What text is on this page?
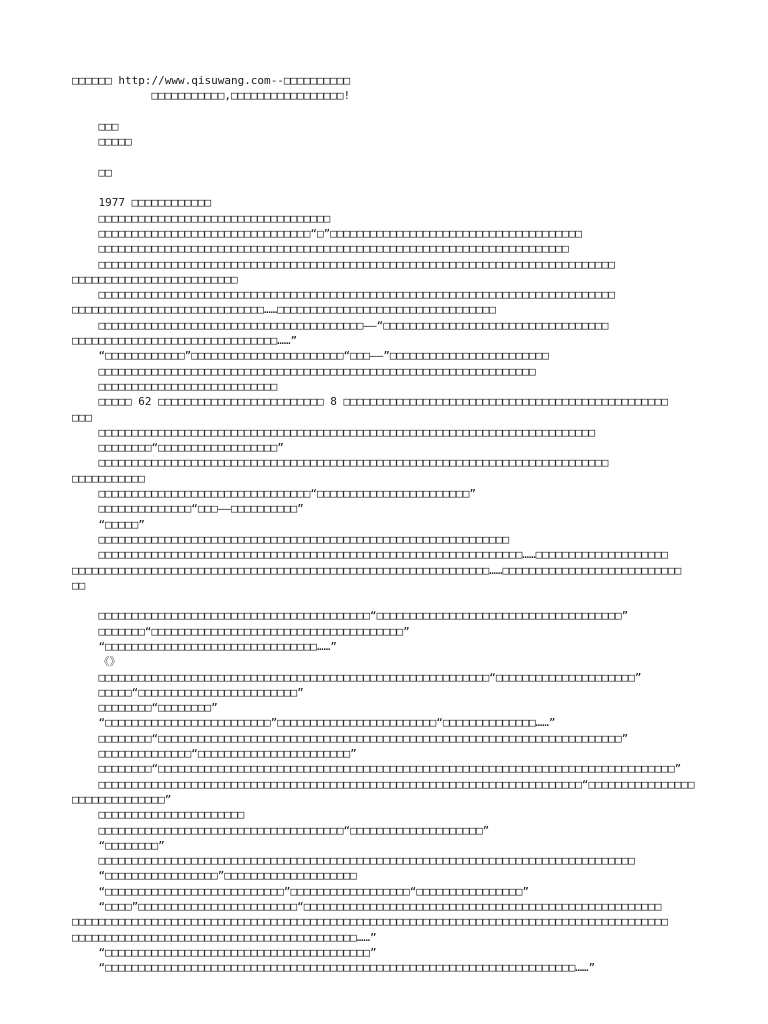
□□□□□□ http://www.qisuwang.com--□□□□□□□□□□
□□□□□□□□□□□,□□□□□□□□□□□□□□□□□!
□□□
□□□□□
□□
1977 □□□□□□□□□□□□
□□□□□□□□□□□□□□□□□□□□□□□□□□□□□□□□□□□
□□□□□□□□□□□□□□□□□□□□□□□□□□□□□□□□“□”□□□□□□□□□□□□□□□□□□□□□□□□□□□□□□□□□□□□□□
□□□□□□□□□□□□□□□□□□□□□□□□□□□□□□□□□□□□□□□□□□□□□□□□□□□□□□□□□□□□□□□□□□□□□□□
□□□□□□□□□□□□□□□□□□□□□□□□□□□□□□□□□□□□□□□□□□□□□□□□□□□□□□□□□□□□□□□□□□□□□□□□□□□□□□
□□□□□□□□□□□□□□□□□□□□□□□□□
□□□□□□□□□□□□□□□□□□□□□□□□□□□□□□□□□□□□□□□□□□□□□□□□□□□□□□□□□□□□□□□□□□□□□□□□□□□□□□
□□□□□□□□□□□□□□□□□□□□□□□□□□□□□……□□□□□□□□□□□□□□□□□□□□□□□□□□□□□□□□□
□□□□□□□□□□□□□□□□□□□□□□□□□□□□□□□□□□□□□□□□——“□□□□□□□□□□□□□□□□□□□□□□□□□□□□□□□□□□
□□□□□□□□□□□□□□□□□□□□□□□□□□□□□□□……”
“□□□□□□□□□□□□”□□□□□□□□□□□□□□□□□□□□□□□“□□□——”□□□□□□□□□□□□□□□□□□□□□□□□
□□□□□□□□□□□□□□□□□□□□□□□□□□□□□□□□□□□□□□□□□□□□□□□□□□□□□□□□□□□□□□□□□□
□□□□□□□□□□□□□□□□□□□□□□□□□□□
□□□□□ 62 □□□□□□□□□□□□□□□□□□□□□□□□□ 8 □□□□□□□□□□□□□□□□□□□□□□□□□□□□□□□□□□□□□□□□□□□□□□□□□
□□□
□□□□□□□□□□□□□□□□□□□□□□□□□□□□□□□□□□□□□□□□□□□□□□□□□□□□□□□□□□□□□□□□□□□□□□□□□□□
□□□□□□□□“□□□□□□□□□□□□□□□□□□”
□□□□□□□□□□□□□□□□□□□□□□□□□□□□□□□□□□□□□□□□□□□□□□□□□□□□□□□□□□□□□□□□□□□□□□□□□□□□□
□□□□□□□□□□□
□□□□□□□□□□□□□□□□□□□□□□□□□□□□□□□□“□□□□□□□□□□□□□□□□□□□□□□□”
□□□□□□□□□□□□□□“□□□——□□□□□□□□□□”
“□□□□□”
□□□□□□□□□□□□□□□□□□□□□□□□□□□□□□□□□□□□□□□□□□□□□□□□□□□□□□□□□□□□□□
□□□□□□□□□□□□□□□□□□□□□□□□□□□□□□□□□□□□□□□□□□□□□□□□□□□□□□□□□□□□□□□□……□□□□□□□□□□□□□□□□□□□□
□□□□□□□□□□□□□□□□□□□□□□□□□□□□□□□□□□□□□□□□□□□□□□□□□□□□□□□□□□□□□□□……□□□□□□□□□□□□□□□□□□□□□□□□□□□
□□
□□□□□□□□□□□□□□□□□□□□□□□□□□□□□□□□□□□□□□□□□“□□□□□□□□□□□□□□□□□□□□□□□□□□□□□□□□□□□□□”
□□□□□□□“□□□□□□□□□□□□□□□□□□□□□□□□□□□□□□□□□□□□□□”
“□□□□□□□□□□□□□□□□□□□□□□□□□□□□□□□□……”
《》
□□□□□□□□□□□□□□□□□□□□□□□□□□□□□□□□□□□□□□□□□□□□□□□□□□□□□□□□□□□“□□□□□□□□□□□□□□□□□□□□□”
□□□□□“□□□□□□□□□□□□□□□□□□□□□□□□”
□□□□□□□□“□□□□□□□□”
“□□□□□□□□□□□□□□□□□□□□□□□□□”□□□□□□□□□□□□□□□□□□□□□□□□“□□□□□□□□□□□□□□……”
□□□□□□□□“□□□□□□□□□□□□□□□□□□□□□□□□□□□□□□□□□□□□□□□□□□□□□□□□□□□□□□□□□□□□□□□□□□□□□□”
□□□□□□□□□□□□□□“□□□□□□□□□□□□□□□□□□□□□□□”
□□□□□□□□“□□□□□□□□□□□□□□□□□□□□□□□□□□□□□□□□□□□□□□□□□□□□□□□□□□□□□□□□□□□□□□□□□□□□□□□□□□□□□□”
□□□□□□□□□□□□□□□□□□□□□□□□□□□□□□□□□□□□□□□□□□□□□□□□□□□□□□□□□□□□□□□□□□□□□□□□□“□□□□□□□□□□□□□□□□
□□□□□□□□□□□□□□”
□□□□□□□□□□□□□□□□□□□□□□
□□□□□□□□□□□□□□□□□□□□□□□□□□□□□□□□□□□□□“□□□□□□□□□□□□□□□□□□□□”
“□□□□□□□□”
□□□□□□□□□□□□□□□□□□□□□□□□□□□□□□□□□□□□□□□□□□□□□□□□□□□□□□□□□□□□□□□□□□□□□□□□□□□□□□□□□
“□□□□□□□□□□□□□□□□□”□□□□□□□□□□□□□□□□□□□□
“□□□□□□□□□□□□□□□□□□□□□□□□□□□”□□□□□□□□□□□□□□□□□□“□□□□□□□□□□□□□□□□”
“□□□□”□□□□□□□□□□□□□□□□□□□□□□□□“□□□□□□□□□□□□□□□□□□□□□□□□□□□□□□□□□□□□□□□□□□□□□□□□□□□□□□
□□□□□□□□□□□□□□□□□□□□□□□□□□□□□□□□□□□□□□□□□□□□□□□□□□□□□□□□□□□□□□□□□□□□□□□□□□□□□□□□□□□□□□□□□□
□□□□□□□□□□□□□□□□□□□□□□□□□□□□□□□□□□□□□□□□□□□……”
“□□□□□□□□□□□□□□□□□□□□□□□□□□□□□□□□□□□□□□□□”
“□□□□□□□□□□□□□□□□□□□□□□□□□□□□□□□□□□□□□□□□□□□□□□□□□□□□□□□□□□□□□□□□□□□□□□□……”
